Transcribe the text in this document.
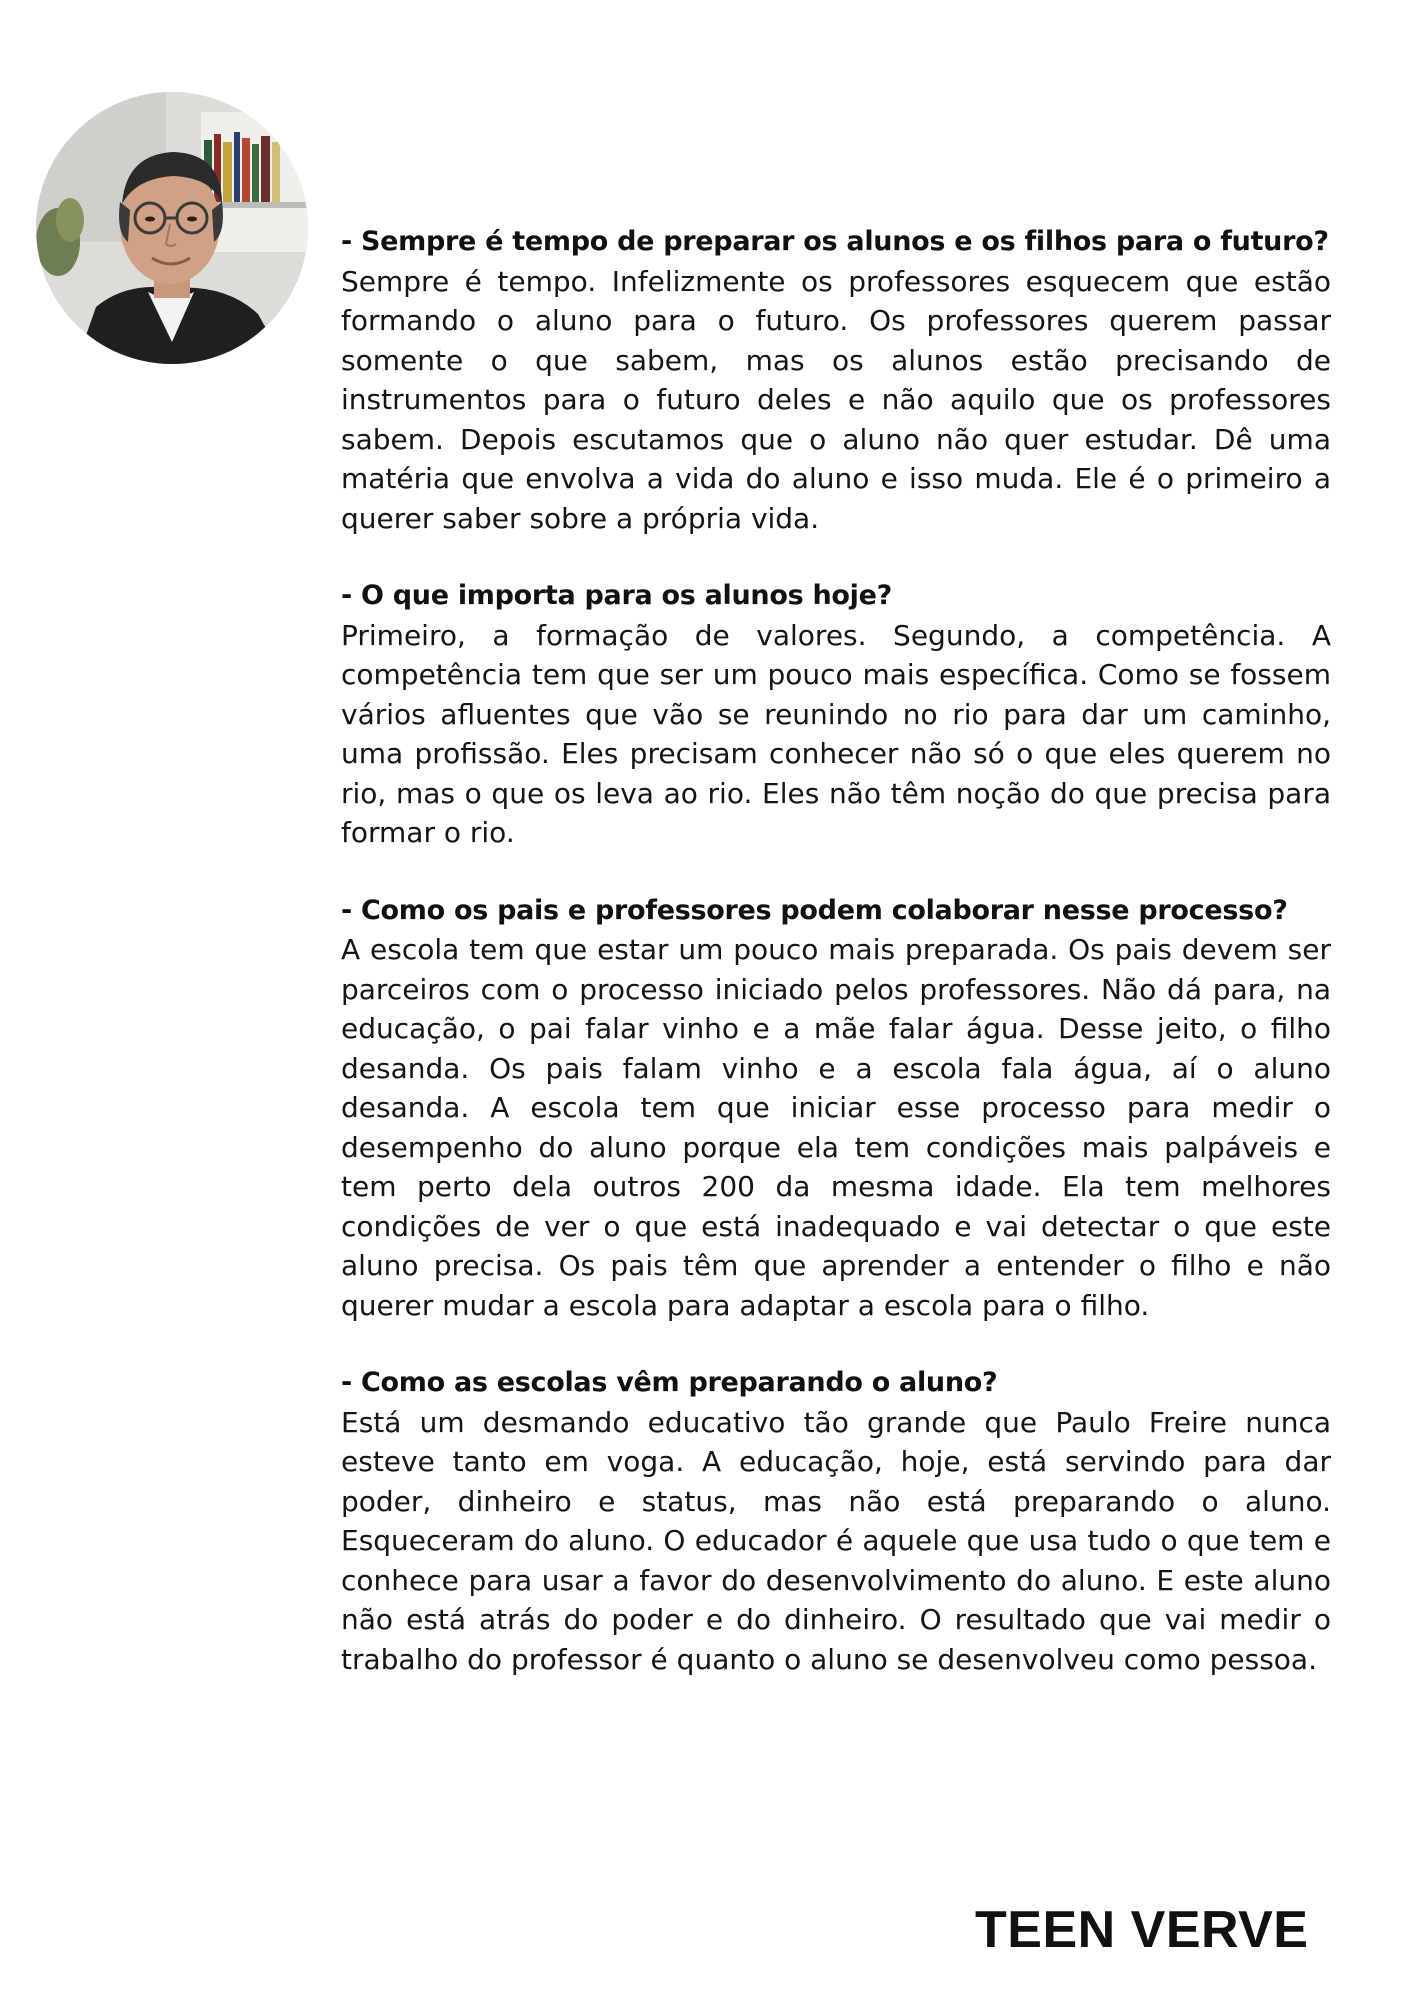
- Sempre é tempo de preparar os alunos e os filhos para o futuro?

Sempre é tempo. Infelizmente os professores esquecem que estão formando o aluno para o futuro. Os professores querem passar somente o que sabem, mas os alunos estão precisando de instrumentos para o futuro deles e não aquilo que os professores sabem. Depois escutamos que o aluno não quer estudar. Dê uma matéria que envolva a vida do aluno e isso muda. Ele é o primeiro a querer saber sobre a própria vida.

- O que importa para os alunos hoje?

Primeiro, a formação de valores. Segundo, a competência. A competência tem que ser um pouco mais específica. Como se fossem vários afluentes que vão se reunindo no rio para dar um caminho, uma profissão. Eles precisam conhecer não só o que eles querem no rio, mas o que os leva ao rio. Eles não têm noção do que precisa para formar o rio.

- Como os pais e professores podem colaborar nesse processo?

A escola tem que estar um pouco mais preparada. Os pais devem ser parceiros com o processo iniciado pelos professores. Não dá para, na educação, o pai falar vinho e a mãe falar água. Desse jeito, o filho desanda. Os pais falam vinho e a escola fala água, aí o aluno desanda. A escola tem que iniciar esse processo para medir o desempenho do aluno porque ela tem condições mais palpáveis e tem perto dela outros 200 da mesma idade. Ela tem melhores condições de ver o que está inadequado e vai detectar o que este aluno precisa. Os pais têm que aprender a entender o filho e não querer mudar a escola para adaptar a escola para o filho.

- Como as escolas vêm preparando o aluno?

Está um desmando educativo tão grande que Paulo Freire nunca esteve tanto em voga. A educação, hoje, está servindo para dar poder, dinheiro e status, mas não está preparando o aluno. Esqueceram do aluno. O educador é aquele que usa tudo o que tem e conhece para usar a favor do desenvolvimento do aluno. E este aluno não está atrás do poder e do dinheiro. O resultado que vai medir o trabalho do professor é quanto o aluno se desenvolveu como pessoa.

TEEN VERVE
